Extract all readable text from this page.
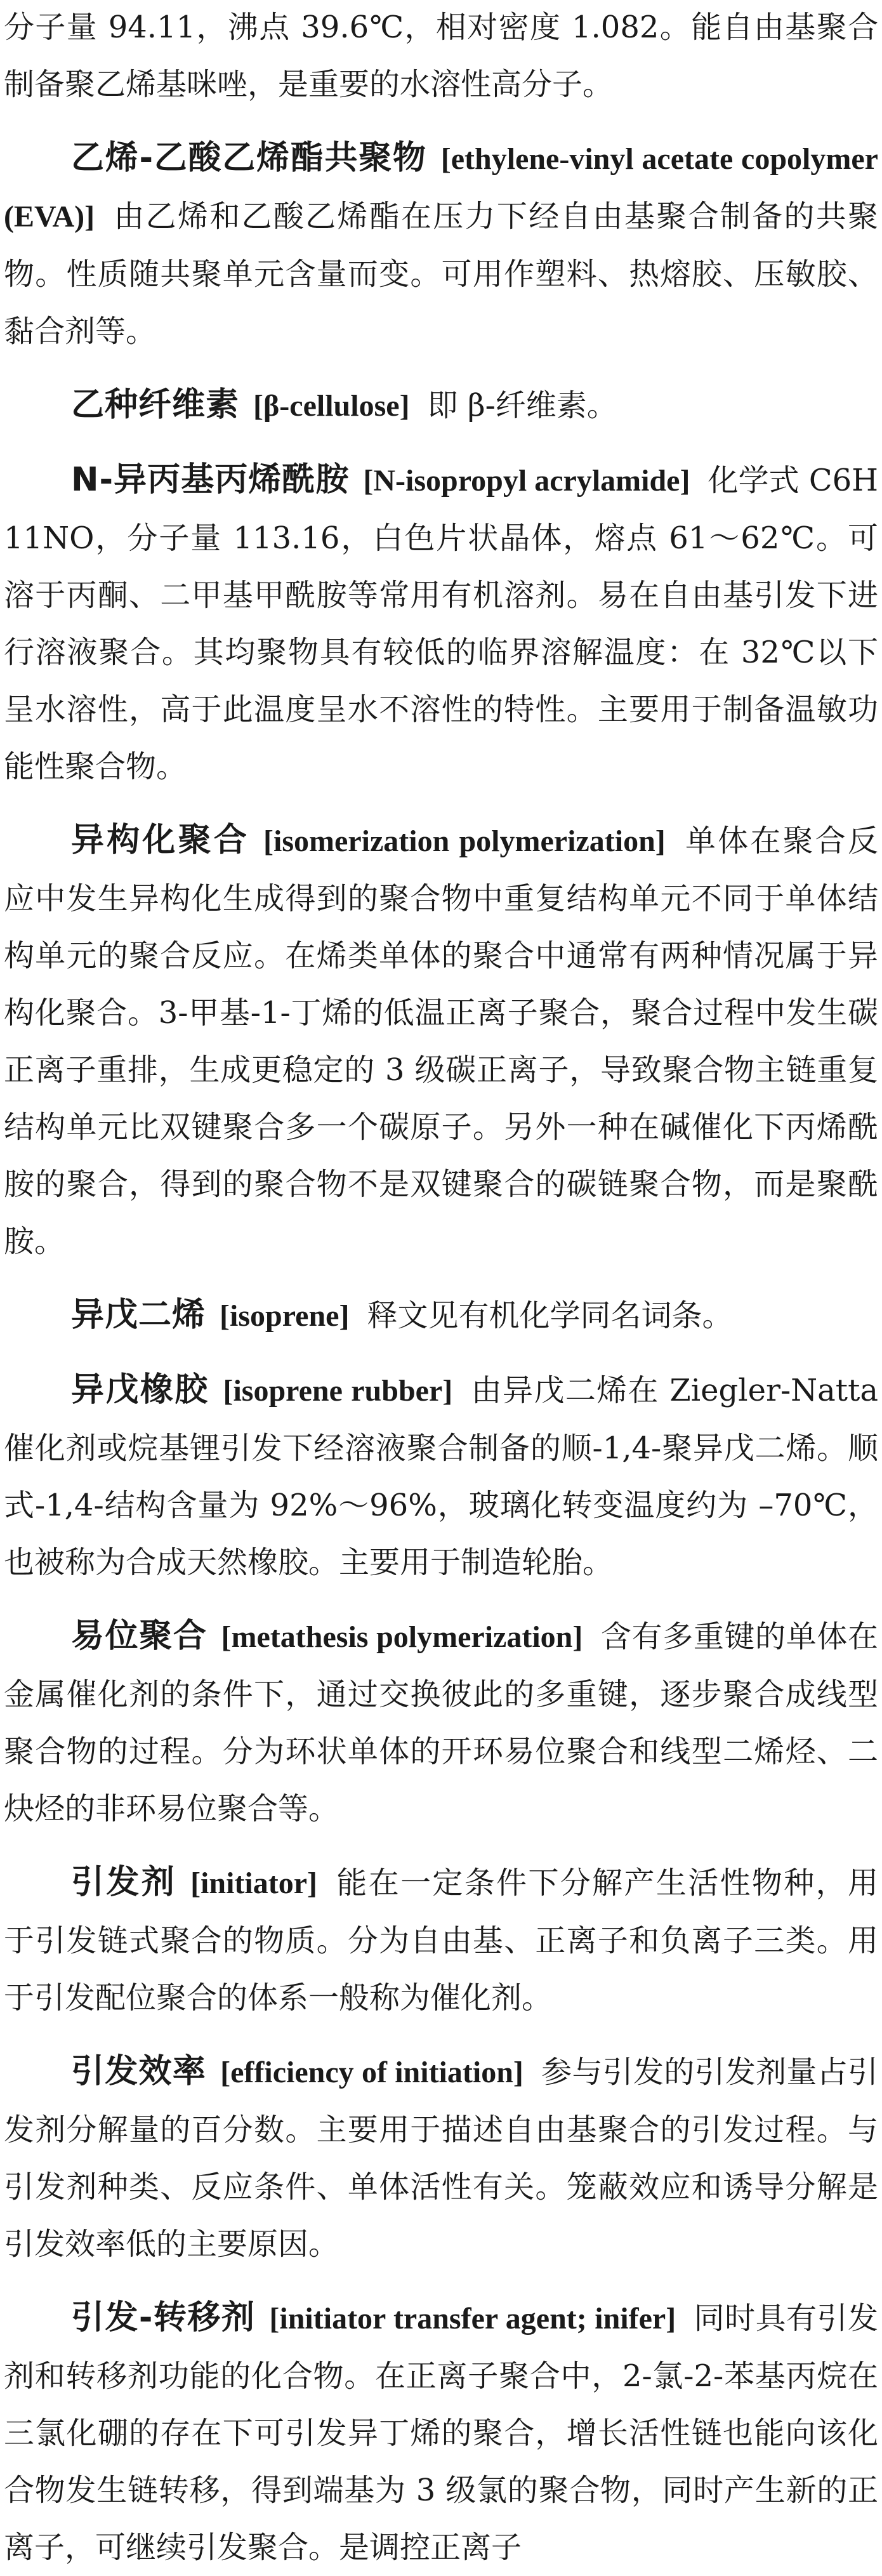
分子量 94.11，沸点 39.6℃，相对密度 1.082。能自由基聚合制备聚乙烯基咪唑，是重要的水溶性高分子。

乙烯-乙酸乙烯酯共聚物 [ethylene-vinyl acetate copolymer(EVA)] 由乙烯和乙酸乙烯酯在压力下经自由基聚合制备的共聚物。性质随共聚单元含量而变。可用作塑料、热熔胶、压敏胶、黏合剂等。

乙种纤维素 [β-cellulose] 即 β-纤维素。

N-异丙基丙烯酰胺 [N-isopropyl acrylamide] 化学式 C6H11NO，分子量 113.16，白色片状晶体，熔点 61～62℃。可溶于丙酮、二甲基甲酰胺等常用有机溶剂。易在自由基引发下进行溶液聚合。其均聚物具有较低的临界溶解温度：在 32℃以下呈水溶性，高于此温度呈水不溶性的特性。主要用于制备温敏功能性聚合物。

异构化聚合 [isomerization polymerization] 单体在聚合反应中发生异构化生成得到的聚合物中重复结构单元不同于单体结构单元的聚合反应。在烯类单体的聚合中通常有两种情况属于异构化聚合。3-甲基-1-丁烯的低温正离子聚合，聚合过程中发生碳正离子重排，生成更稳定的 3 级碳正离子，导致聚合物主链重复结构单元比双键聚合多一个碳原子。另外一种在碱催化下丙烯酰胺的聚合，得到的聚合物不是双键聚合的碳链聚合物，而是聚酰胺。

异戊二烯 [isoprene] 释文见有机化学同名词条。

异戊橡胶 [isoprene rubber] 由异戊二烯在 Ziegler-Natta 催化剂或烷基锂引发下经溶液聚合制备的顺-1,4-聚异戊二烯。顺式-1,4-结构含量为 92%～96%，玻璃化转变温度约为 –70℃，也被称为合成天然橡胶。主要用于制造轮胎。

易位聚合 [metathesis polymerization] 含有多重键的单体在金属催化剂的条件下，通过交换彼此的多重键，逐步聚合成线型聚合物的过程。分为环状单体的开环易位聚合和线型二烯烃、二炔烃的非环易位聚合等。

引发剂 [initiator] 能在一定条件下分解产生活性物种，用于引发链式聚合的物质。分为自由基、正离子和负离子三类。用于引发配位聚合的体系一般称为催化剂。

引发效率 [efficiency of initiation] 参与引发的引发剂量占引发剂分解量的百分数。主要用于描述自由基聚合的引发过程。与引发剂种类、反应条件、单体活性有关。笼蔽效应和诱导分解是引发效率低的主要原因。

引发-转移剂 [initiator transfer agent; inifer] 同时具有引发剂和转移剂功能的化合物。在正离子聚合中，2-氯-2-苯基丙烷在三氯化硼的存在下可引发异丁烯的聚合，增长活性链也能向该化合物发生链转移，得到端基为 3 级氯的聚合物，同时产生新的正离子，可继续引发聚合。是调控正离子
